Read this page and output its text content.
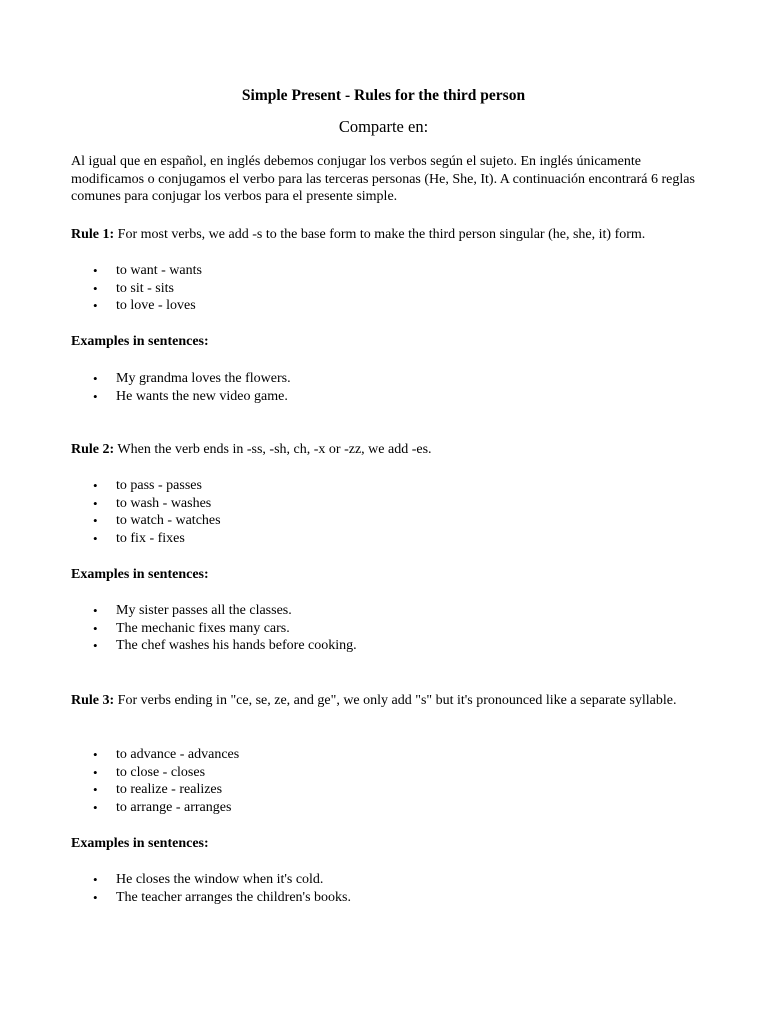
Simple Present - Rules for the third person
Comparte en:

Al igual que en español, en inglés debemos conjugar los verbos según el sujeto. En inglés únicamente modificamos o conjugamos el verbo para las terceras personas (He, She, It). A continuación encontrará 6 reglas comunes para conjugar los verbos para el presente simple.

Rule 1: For most verbs, we add -s to the base form to make the third person singular (he, she, it) form.

• to want - wants
• to sit - sits
• to love - loves

Examples in sentences:

• My grandma loves the flowers.
• He wants the new video game.

Rule 2: When the verb ends in -ss, -sh, ch, -x or -zz, we add -es.

• to pass - passes
• to wash - washes
• to watch - watches
• to fix - fixes

Examples in sentences:

• My sister passes all the classes.
• The mechanic fixes many cars.
• The chef washes his hands before cooking.

Rule 3: For verbs ending in "ce, se, ze, and ge", we only add "s" but it's pronounced like a separate syllable.

• to advance - advances
• to close - closes
• to realize - realizes
• to arrange - arranges

Examples in sentences:

• He closes the window when it's cold.
• The teacher arranges the children's books.
